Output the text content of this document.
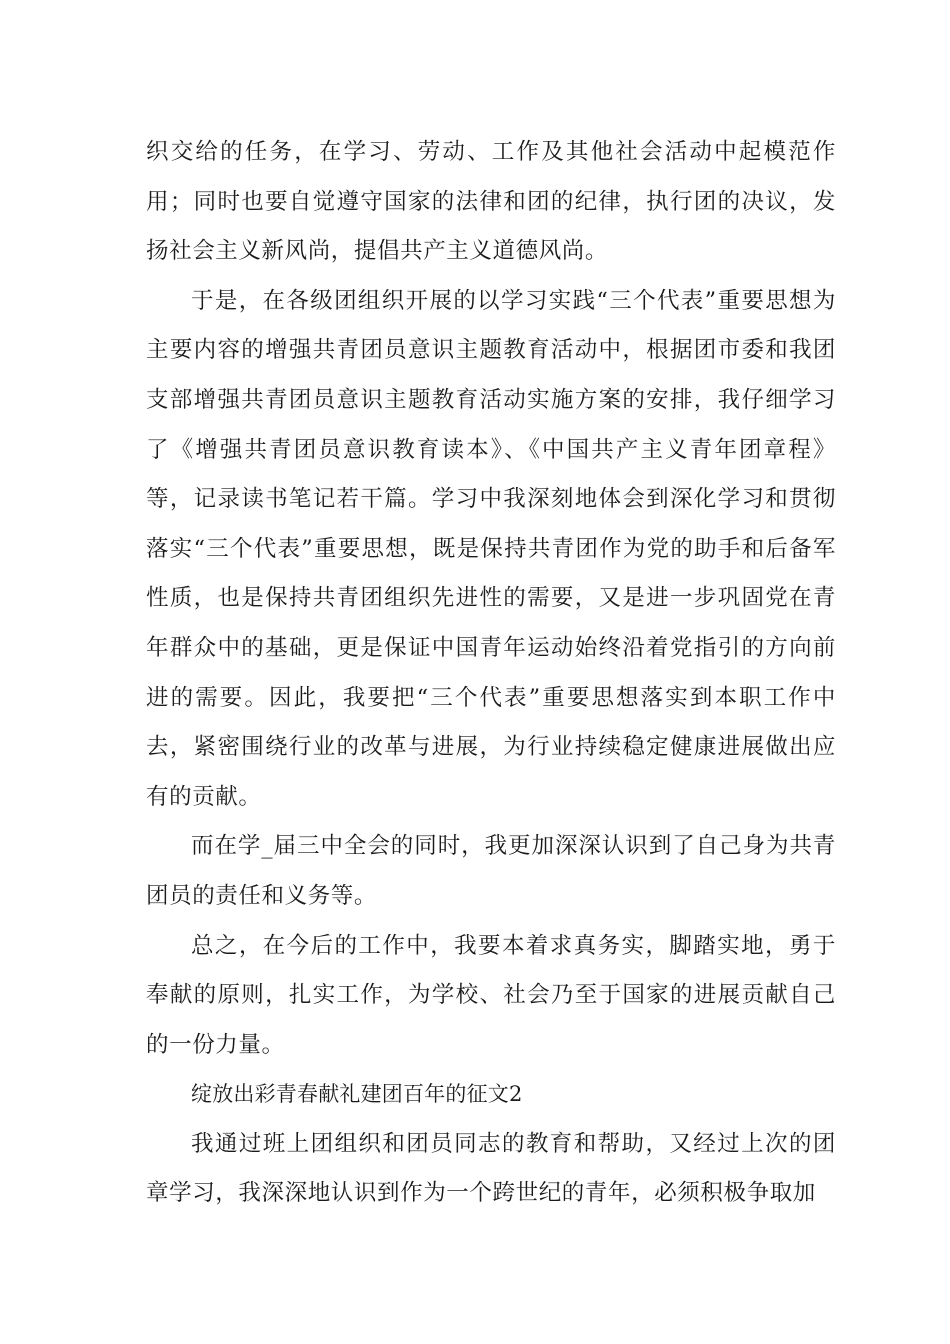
织交给的任务，在学习、劳动、工作及其他社会活动中起模范作用；同时也要自觉遵守国家的法律和团的纪律，执行团的决议，发扬社会主义新风尚，提倡共产主义道德风尚。

于是，在各级团组织开展的以学习实践“三个代表”重要思想为主要内容的增强共青团员意识主题教育活动中，根据团市委和我团支部增强共青团员意识主题教育活动实施方案的安排，我仔细学习了《增强共青团员意识教育读本》、《中国共产主义青年团章程》等，记录读书笔记若干篇。学习中我深刻地体会到深化学习和贯彻落实“三个代表”重要思想，既是保持共青团作为党的助手和后备军性质，也是保持共青团组织先进性的需要，又是进一步巩固党在青年群众中的基础，更是保证中国青年运动始终沿着党指引的方向前进的需要。因此，我要把“三个代表”重要思想落实到本职工作中去，紧密围绕行业的改革与进展，为行业持续稳定健康进展做出应有的贡献。

而在学_届三中全会的同时，我更加深深认识到了自己身为共青团员的责任和义务等。

总之，在今后的工作中，我要本着求真务实，脚踏实地，勇于奉献的原则，扎实工作，为学校、社会乃至于国家的进展贡献自己的一份力量。

绽放出彩青春献礼建团百年的征文2

我通过班上团组织和团员同志的教育和帮助，又经过上次的团章学习，我深深地认识到作为一个跨世纪的青年，必须积极争取加
